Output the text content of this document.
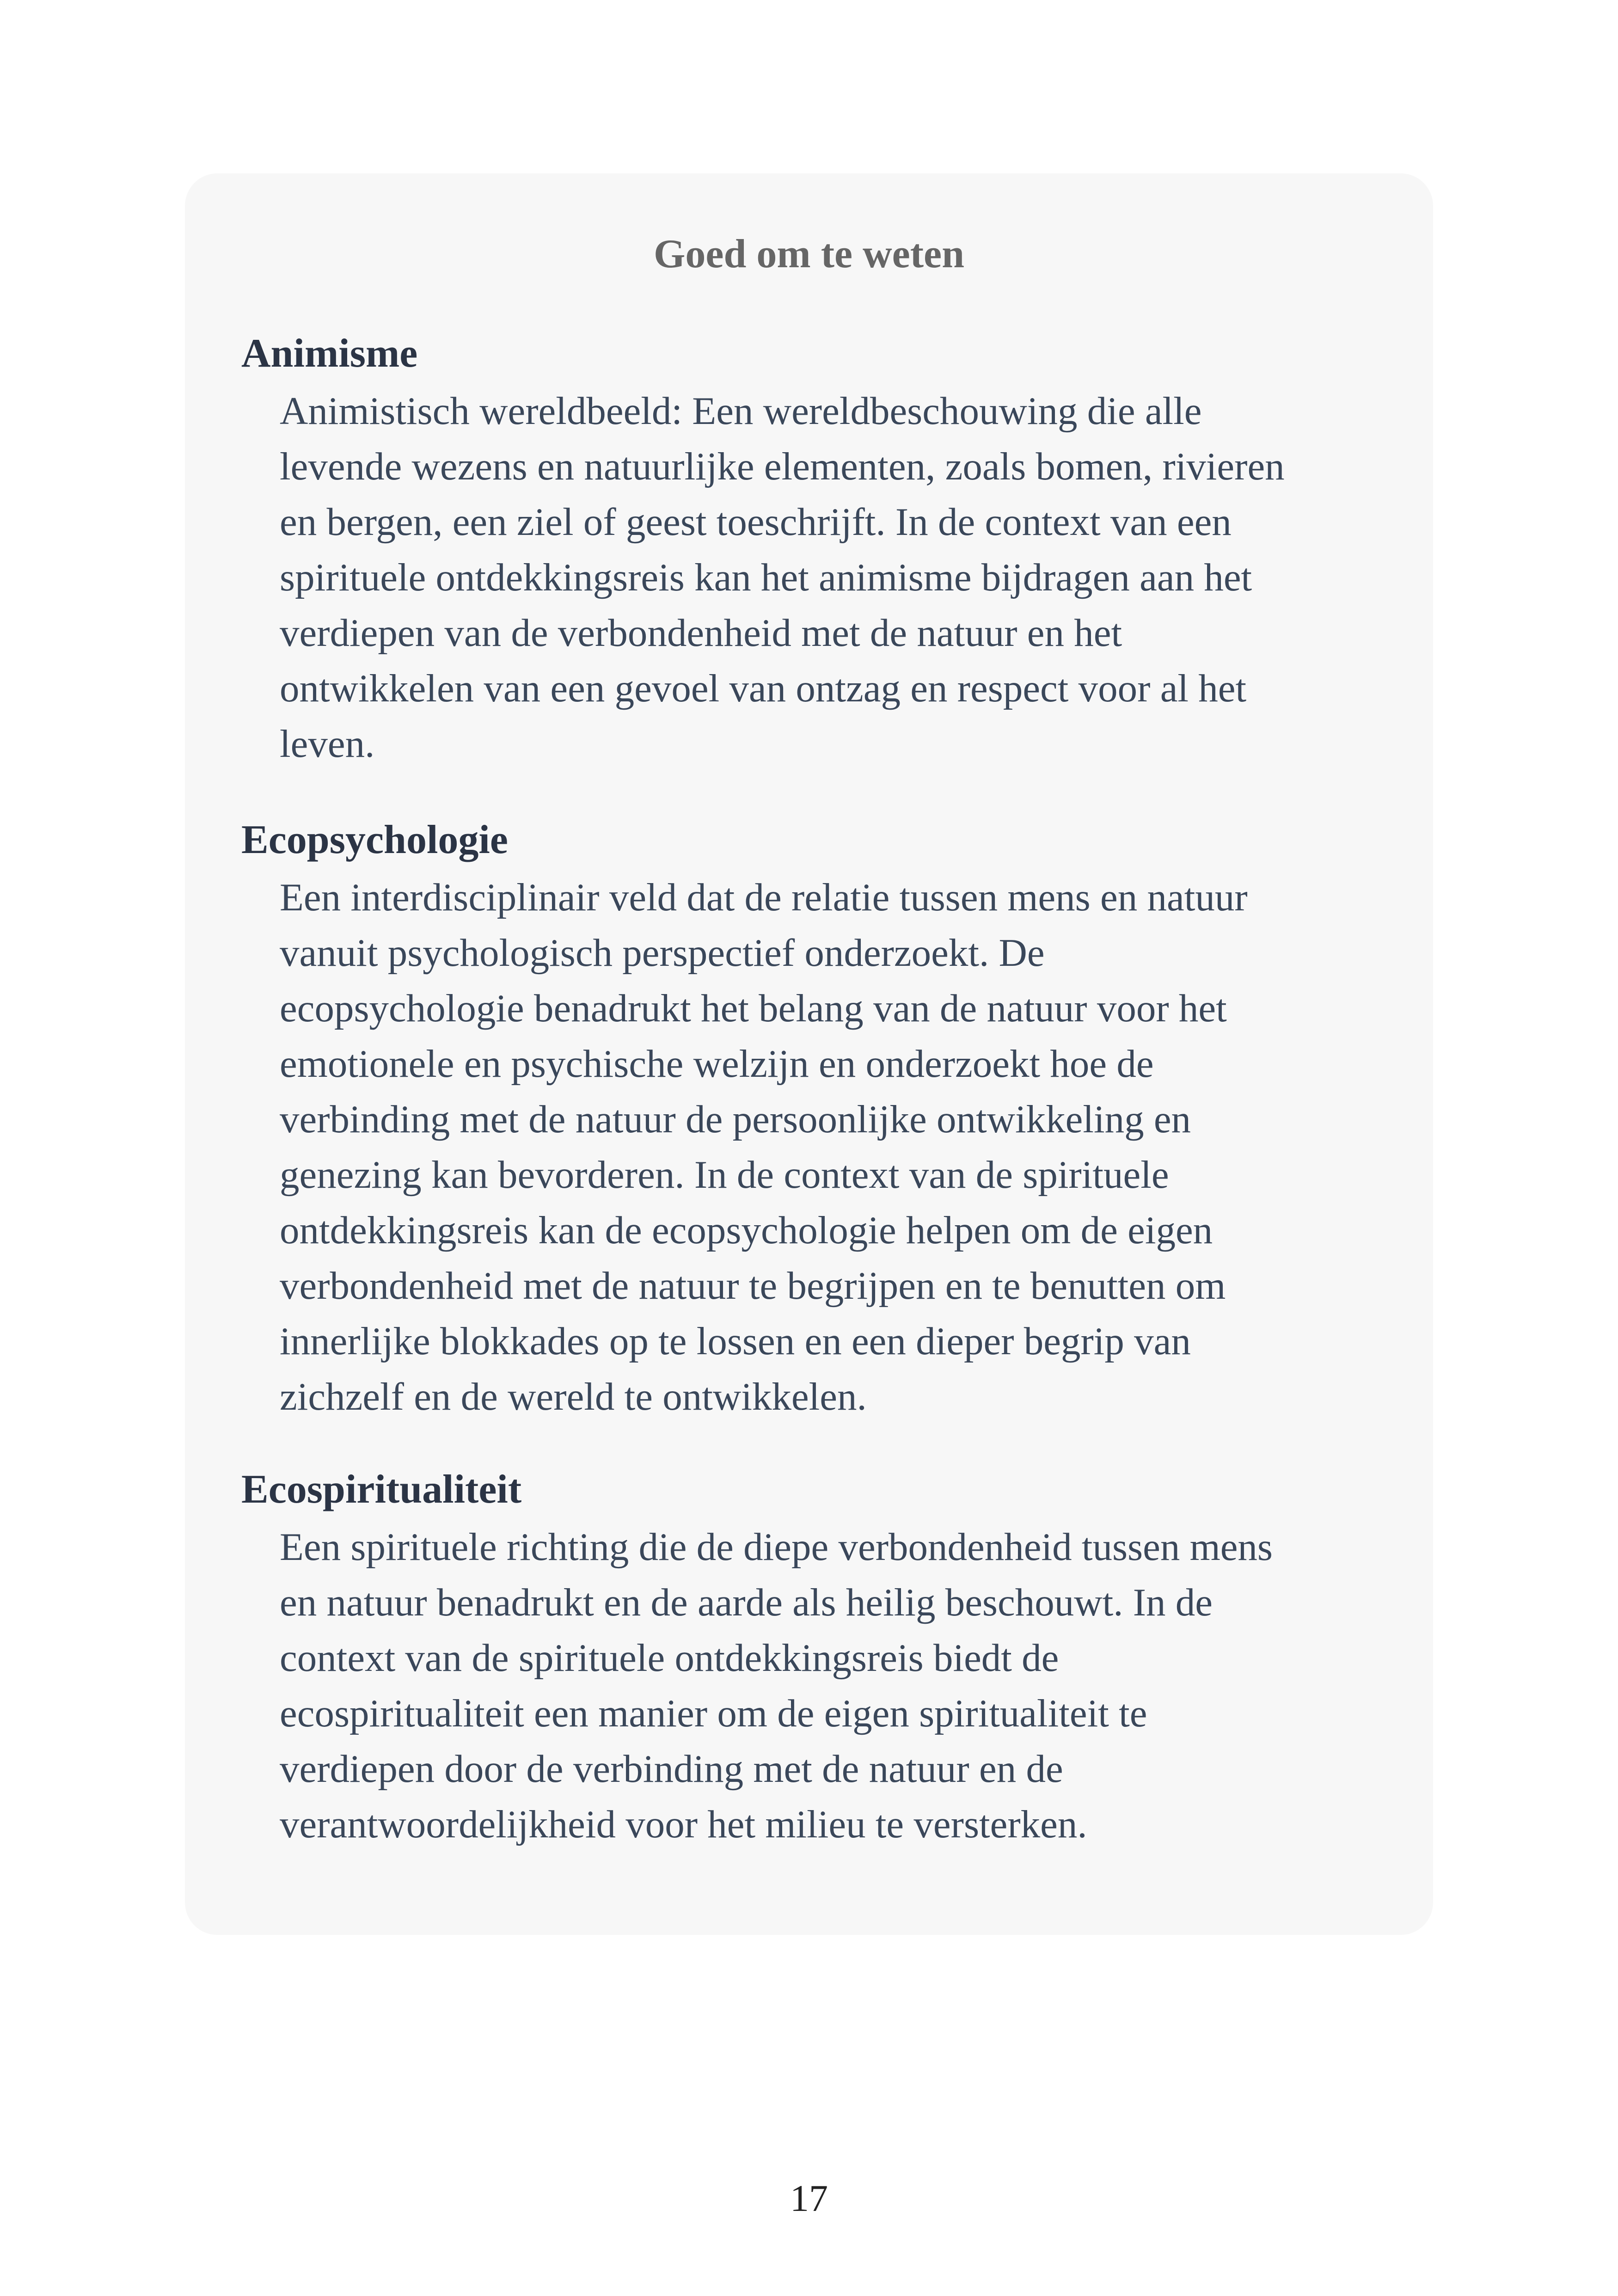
Goed om te weten
Animisme
Animistisch wereldbeeld: Een wereldbeschouwing die alle
levende wezens en natuurlijke elementen, zoals bomen, rivieren
en bergen, een ziel of geest toeschrijft. In de context van een
spirituele ontdekkingsreis kan het animisme bijdragen aan het
verdiepen van de verbondenheid met de natuur en het
ontwikkelen van een gevoel van ontzag en respect voor al het
leven.
Ecopsychologie
Een interdisciplinair veld dat de relatie tussen mens en natuur
vanuit psychologisch perspectief onderzoekt. De
ecopsychologie benadrukt het belang van de natuur voor het
emotionele en psychische welzijn en onderzoekt hoe de
verbinding met de natuur de persoonlijke ontwikkeling en
genezing kan bevorderen. In de context van de spirituele
ontdekkingsreis kan de ecopsychologie helpen om de eigen
verbondenheid met de natuur te begrijpen en te benutten om
innerlijke blokkades op te lossen en een dieper begrip van
zichzelf en de wereld te ontwikkelen.
Ecospiritualiteit
Een spirituele richting die de diepe verbondenheid tussen mens
en natuur benadrukt en de aarde als heilig beschouwt. In de
context van de spirituele ontdekkingsreis biedt de
ecospiritualiteit een manier om de eigen spiritualiteit te
verdiepen door de verbinding met de natuur en de
verantwoordelijkheid voor het milieu te versterken.
17
